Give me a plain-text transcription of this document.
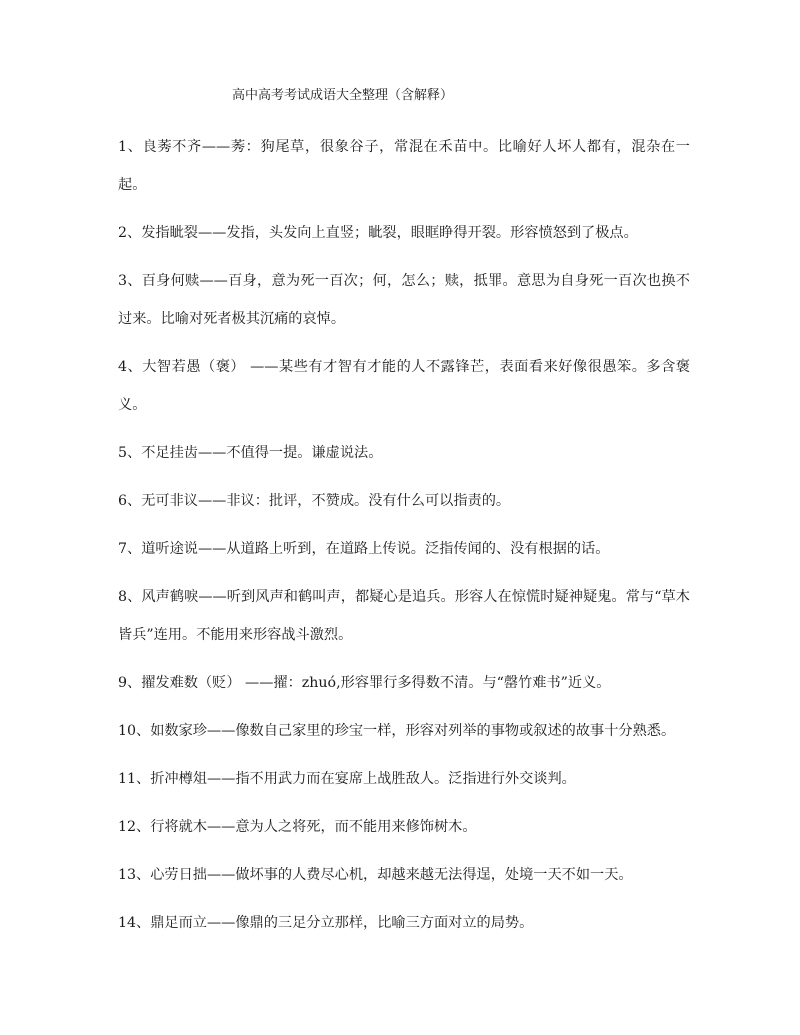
高中高考考试成语大全整理（含解释）

1、良莠不齐——莠：狗尾草，很象谷子，常混在禾苗中。比喻好人坏人都有，混杂在一起。

2、发指眦裂——发指，头发向上直竖；眦裂，眼眶睁得开裂。形容愤怒到了极点。

3、百身何赎——百身，意为死一百次；何，怎么；赎，抵罪。意思为自身死一百次也换不过来。比喻对死者极其沉痛的哀悼。

4、大智若愚（褒） ——某些有才智有才能的人不露锋芒，表面看来好像很愚笨。多含褒义。

5、不足挂齿——不值得一提。谦虚说法。

6、无可非议——非议：批评，不赞成。没有什么可以指责的。

7、道听途说——从道路上听到，在道路上传说。泛指传闻的、没有根据的话。

8、风声鹤唳——听到风声和鹤叫声，都疑心是追兵。形容人在惊慌时疑神疑鬼。常与“草木皆兵”连用。不能用来形容战斗激烈。

9、擢发难数（贬） ——擢：zhuó,形容罪行多得数不清。与“罄竹难书”近义。

10、如数家珍——像数自己家里的珍宝一样，形容对列举的事物或叙述的故事十分熟悉。

11、折冲樽俎——指不用武力而在宴席上战胜敌人。泛指进行外交谈判。

12、行将就木——意为人之将死，而不能用来修饰树木。

13、心劳日拙——做坏事的人费尽心机，却越来越无法得逞，处境一天不如一天。

14、鼎足而立——像鼎的三足分立那样，比喻三方面对立的局势。
